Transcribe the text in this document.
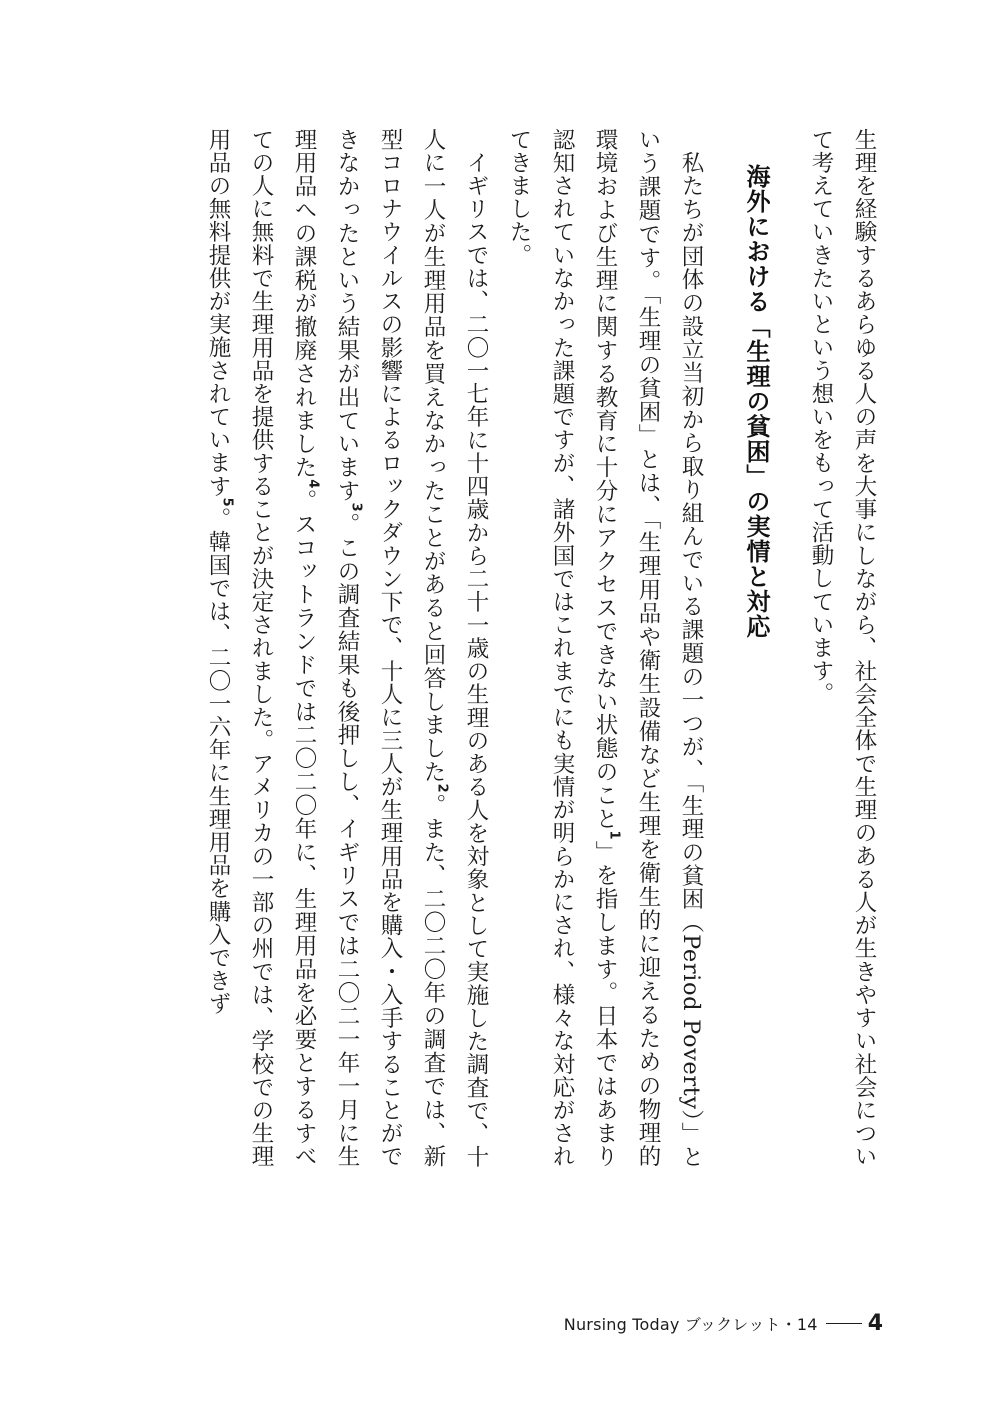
生理を経験するあらゆる人の声を大事にしながら、社会全体で生理のある人が生きやすい社会について考えていきたいという想いをもって活動しています。

海外における「生理の貧困」の実情と対応

私たちが団体の設立当初から取り組んでいる課題の一つが、「生理の貧困（Period Poverty）」という課題です。「生理の貧困」とは、「生理用品や衛生設備など生理を衛生的に迎えるための物理的環境および生理に関する教育に十分にアクセスできない状態のこと$^1$」を指します。日本ではあまり認知されていなかった課題ですが、諸外国ではこれまでにも実情が明らかにされ、様々な対応がされてきました。

イギリスでは、二〇一七年に十四歳から二十一歳の生理のある人を対象として実施した調査で、十人に一人が生理用品を買えなかったことがあると回答しました$^2$。また、二〇二〇年の調査では、新型コロナウイルスの影響によるロックダウン下で、十人に三人が生理用品を購入・入手することができなかったという結果が出ています$^3$。この調査結果も後押しし、イギリスでは二〇二一年一月に生理用品への課税が撤廃されました$^4$。スコットランドでは二〇二〇年に、生理用品を必要とするすべての人に無料で生理用品を提供することが決定されました。アメリカの一部の州では、学校での生理用品の無料提供が実施されています$^5$。韓国では、二〇一六年に生理用品を購入できず

Nursing Today ブックレット・14 4
